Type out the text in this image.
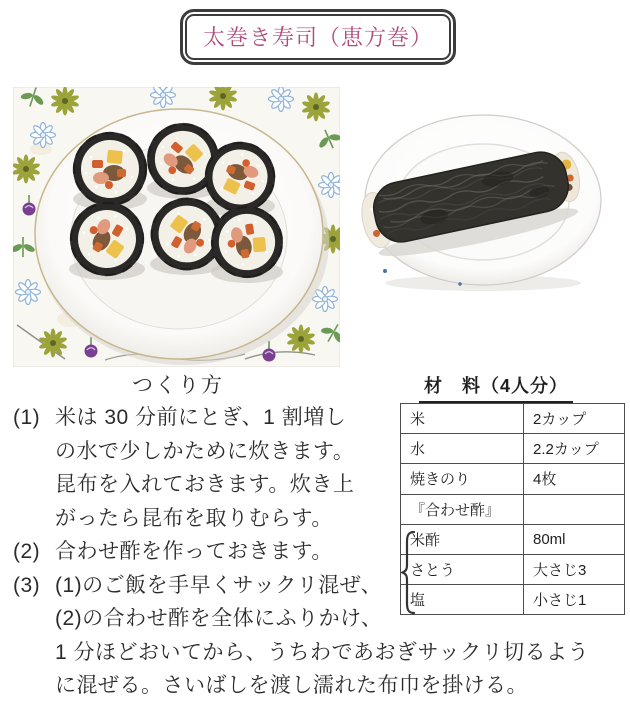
太巻き寿司（恵方巻）
つくり方
(1) 米は 30 分前にとぎ、1 割増し
の水で少しかために炊きます。
昆布を入れておきます。炊き上
がったら昆布を取りむらす。
(2) 合わせ酢を作っておきます。
(3) (1)のご飯を手早くサックリ混ぜ、
(2)の合わせ酢を全体にふりかけ、
1 分ほどおいてから、うちわであおぎサックリ切るよう
に混ぜる。さいばしを渡し濡れた布巾を掛ける。
材　料（4人分）
米	2カップ
水	2.2カップ
焼きのり	4枚
『合わせ酢』	
米酢	80ml
さとう	大さじ3
塩	小さじ1
